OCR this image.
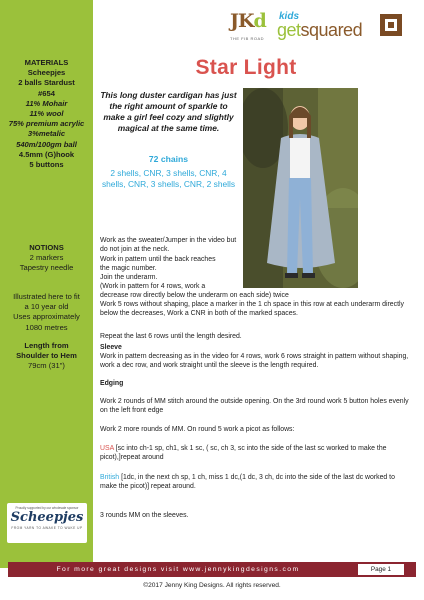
MATERIALS
Scheepjes
2 balls Stardust
#654
11% Mohair
11% wool
75% premium acrylic
3%metalic
540m/100gm ball
4.5mm (G)hook
5 buttons
NOTIONS
2 markers
Tapestry needle
Illustrated here to fit
a 10 year old
Uses approximately
1080 metres
Length from
Shoulder to Hem
79cm (31")
Proudly supported by our wholesale sponsor
Scheepjes
FROM YARN TO AWAKE TO WAKE UP
JKd
THE FIB ROAD
kids
getsquared
Star Light
This long duster cardigan has just the right amount of sparkle to make a girl feel cozy and slightly magical at the same time.
72 chains
2 shells, CNR, 3 shells, CNR, 4 shells, CNR, 3 shells, CNR, 2 shells
Work as the sweater/Jumper in the video but do not join at the neck.
Work in pattern until the back reaches
the magic number.
Join the underarm.
(Work in pattern for 4 rows, work a
decrease row directly below the underarm on each side) twice
Work 5 rows without shaping, place a marker in the 1 ch space in this row at each underarm directly below the decreases, Work a CNR in both of the marked spaces.
Repeat the last 6 rows until the length desired.
Sleeve
Work in pattern decreasing as in the video for 4 rows, work 6 rows straight in pattern without shaping, work a dec row, and work straight until the sleeve is the length required.
Edging
Work 2 rounds of MM stitch around the outside opening. On the 3rd round work 5 button holes evenly on the left front edge
Work 2 more rounds of MM. On round 5 work a picot as follows:
USA [sc into ch-1 sp, ch1, sk 1 sc, ( sc, ch 3, sc into the side of the last sc worked to make the picot),]repeat around
British [1dc, in the next ch sp, 1 ch, miss 1 dc,(1 dc, 3 ch, dc into the side of the last dc worked to make the picot)] repeat around.
3 rounds MM on the sleeves.
For more great designs visit www.jennykingdesigns.com	Page 1
©2017 Jenny King Designs. All rights reserved.
